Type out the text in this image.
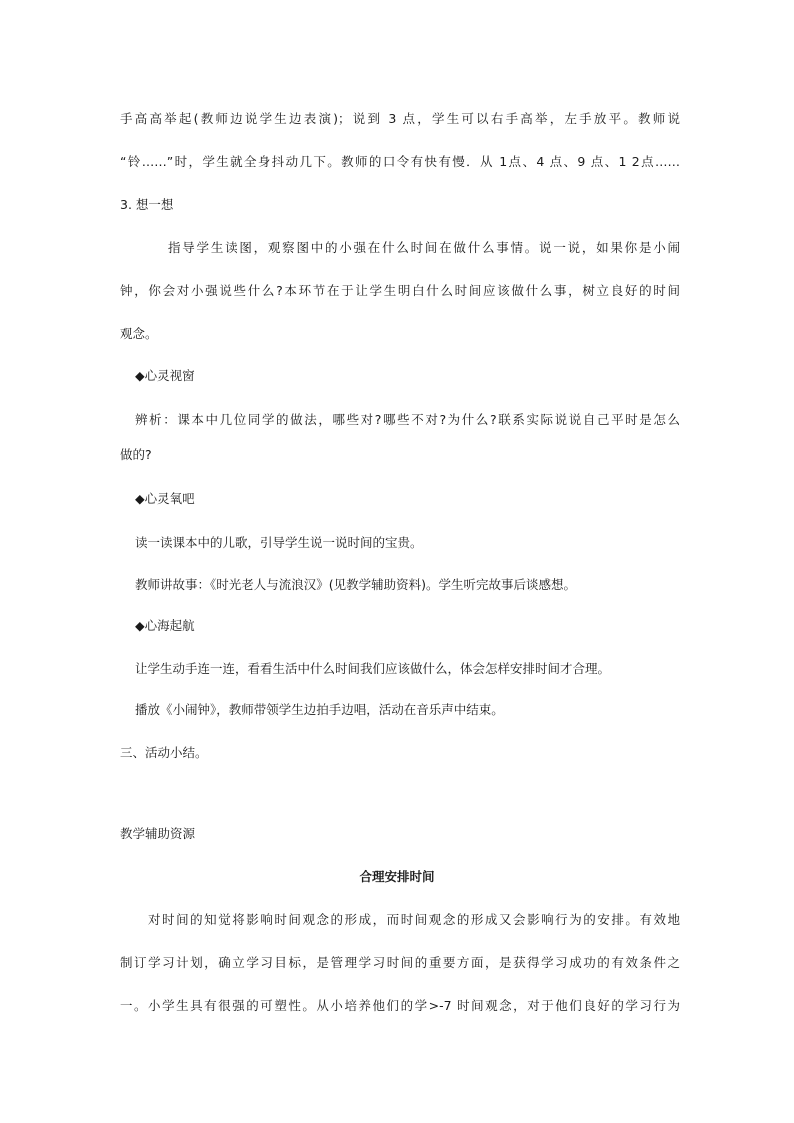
手高高举起(教师边说学生边表演)；说到 3 点，学生可以右手高举，左手放平。教师说
“铃……”时，学生就全身抖动几下。教师的口令有快有慢．从 1点、4 点、9 点、1 2点……
3. 想一想
指导学生读图，观察图中的小强在什么时间在做什么事情。说一说，如果你是小闹
钟，你会对小强说些什么?本环节在于让学生明白什么时间应该做什么事，树立良好的时间
观念。
◆心灵视窗
辨析：课本中几位同学的做法，哪些对?哪些不对?为什么?联系实际说说自己平时是怎么
做的?
◆心灵氧吧
读一读课本中的儿歌，引导学生说一说时间的宝贵。
教师讲故事：《时光老人与流浪汉》(见教学辅助资料)。学生听完故事后谈感想。
◆心海起航
让学生动手连一连，看看生活中什么时间我们应该做什么，体会怎样安排时间才合理。
播放《小闹钟》，教师带领学生边拍手边唱，活动在音乐声中结束。
三、活动小结。
教学辅助资源
合理安排时间
对时间的知觉将影响时间观念的形成，而时间观念的形成又会影响行为的安排。有效地
制订学习计划，确立学习目标，是管理学习时间的重要方面，是获得学习成功的有效条件之
一。小学生具有很强的可塑性。从小培养他们的学>-7 时间观念，对于他们良好的学习行为
